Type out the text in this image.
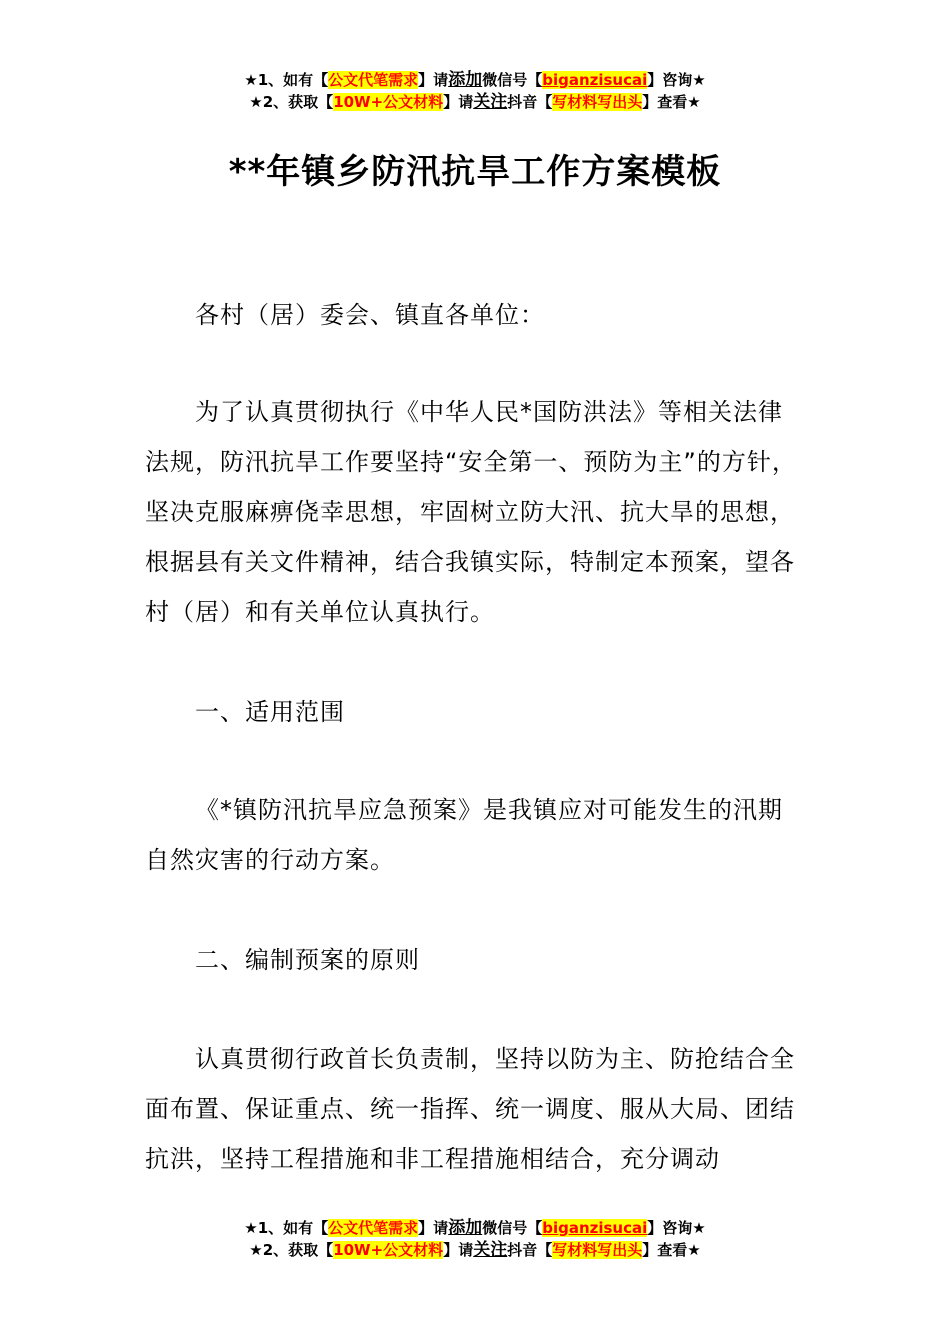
★1、如有【公文代笔需求】请添加微信号【biganzisucai】咨询★
★2、获取【10W+公文材料】请关注抖音【写材料写出头】查看★
**年镇乡防汛抗旱工作方案模板

各村（居）委会、镇直各单位：

为了认真贯彻执行《中华人民*国防洪法》等相关法律法规，防汛抗旱工作要坚持“安全第一、预防为主”的方针，坚决克服麻痹侥幸思想，牢固树立防大汛、抗大旱的思想，根据县有关文件精神，结合我镇实际，特制定本预案，望各村（居）和有关单位认真执行。

一、适用范围

《*镇防汛抗旱应急预案》是我镇应对可能发生的汛期自然灾害的行动方案。

二、编制预案的原则

认真贯彻行政首长负责制，坚持以防为主、防抢结合全面布置、保证重点、统一指挥、统一调度、服从大局、团结抗洪，坚持工程措施和非工程措施相结合，充分调动

★1、如有【公文代笔需求】请添加微信号【biganzisucai】咨询★
★2、获取【10W+公文材料】请关注抖音【写材料写出头】查看★
